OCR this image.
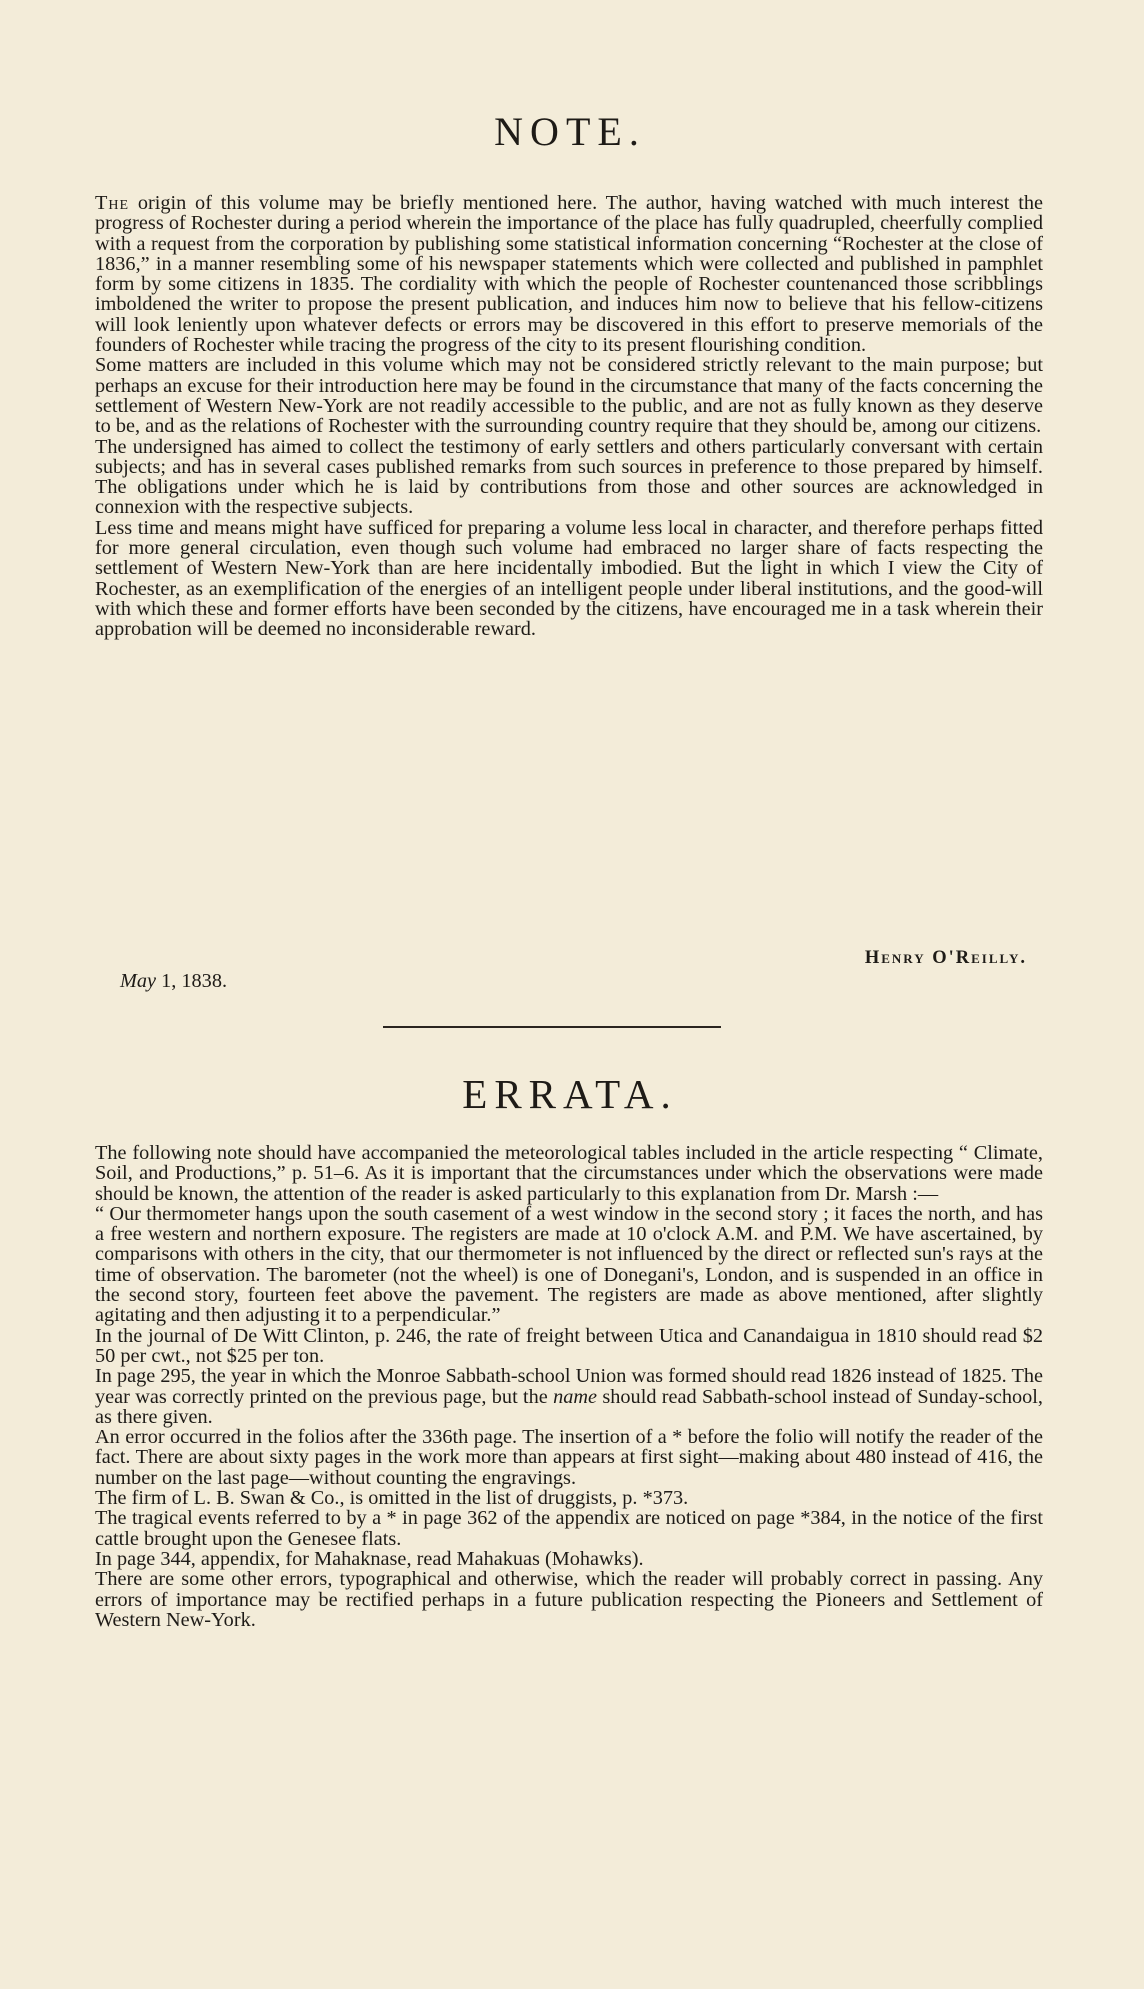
NOTE.

The origin of this volume may be briefly mentioned here. The author, having watched with much interest the progress of Rochester during a period wherein the importance of the place has fully quadrupled, cheerfully complied with a request from the corporation by publishing some statistical information concerning “Rochester at the close of 1836,” in a manner resembling some of his newspaper statements which were collected and published in pamphlet form by some citizens in 1835. The cordiality with which the people of Rochester countenanced those scribblings imboldened the writer to propose the present publication, and induces him now to believe that his fellow-citizens will look leniently upon whatever defects or errors may be discovered in this effort to preserve memorials of the founders of Rochester while tracing the progress of the city to its present flourishing condition.

Some matters are included in this volume which may not be considered strictly relevant to the main purpose; but perhaps an excuse for their introduction here may be found in the circumstance that many of the facts concerning the settlement of Western New-York are not readily accessible to the public, and are not as fully known as they deserve to be, and as the relations of Rochester with the surrounding country require that they should be, among our citizens.

The undersigned has aimed to collect the testimony of early settlers and others particularly conversant with certain subjects; and has in several cases published remarks from such sources in preference to those prepared by himself. The obligations under which he is laid by contributions from those and other sources are acknowledged in connexion with the respective subjects.

Less time and means might have sufficed for preparing a volume less local in character, and therefore perhaps fitted for more general circulation, even though such volume had embraced no larger share of facts respecting the settlement of Western New-York than are here incidentally imbodied. But the light in which I view the City of Rochester, as an exemplification of the energies of an intelligent people under liberal institutions, and the good-will with which these and former efforts have been seconded by the citizens, have encouraged me in a task wherein their approbation will be deemed no inconsiderable reward.

Henry O'Reilly.
May 1, 1838.
ERRATA.

The following note should have accompanied the meteorological tables included in the article respecting “ Climate, Soil, and Productions,” p. 51–6. As it is important that the circumstances under which the observations were made should be known, the attention of the reader is asked particularly to this explanation from Dr. Marsh :—

“ Our thermometer hangs upon the south casement of a west window in the second story ; it faces the north, and has a free western and northern exposure. The registers are made at 10 o'clock A.M. and P.M. We have ascertained, by comparisons with others in the city, that our thermometer is not influenced by the direct or reflected sun's rays at the time of observation. The barometer (not the wheel) is one of Donegani's, London, and is suspended in an office in the second story, fourteen feet above the pavement. The registers are made as above mentioned, after slightly agitating and then adjusting it to a perpendicular.”

In the journal of De Witt Clinton, p. 246, the rate of freight between Utica and Canandaigua in 1810 should read $2 50 per cwt., not $25 per ton.

In page 295, the year in which the Monroe Sabbath-school Union was formed should read 1826 instead of 1825. The year was correctly printed on the previous page, but the name should read Sabbath-school instead of Sunday-school, as there given.

An error occurred in the folios after the 336th page. The insertion of a * before the folio will notify the reader of the fact. There are about sixty pages in the work more than appears at first sight—making about 480 instead of 416, the number on the last page—without counting the engravings.

The firm of L. B. Swan & Co., is omitted in the list of druggists, p. *373.

The tragical events referred to by a * in page 362 of the appendix are noticed on page *384, in the notice of the first cattle brought upon the Genesee flats.

In page 344, appendix, for Mahaknase, read Mahakuas (Mohawks).

There are some other errors, typographical and otherwise, which the reader will probably correct in passing. Any errors of importance may be rectified perhaps in a future publication respecting the Pioneers and Settlement of Western New-York.
